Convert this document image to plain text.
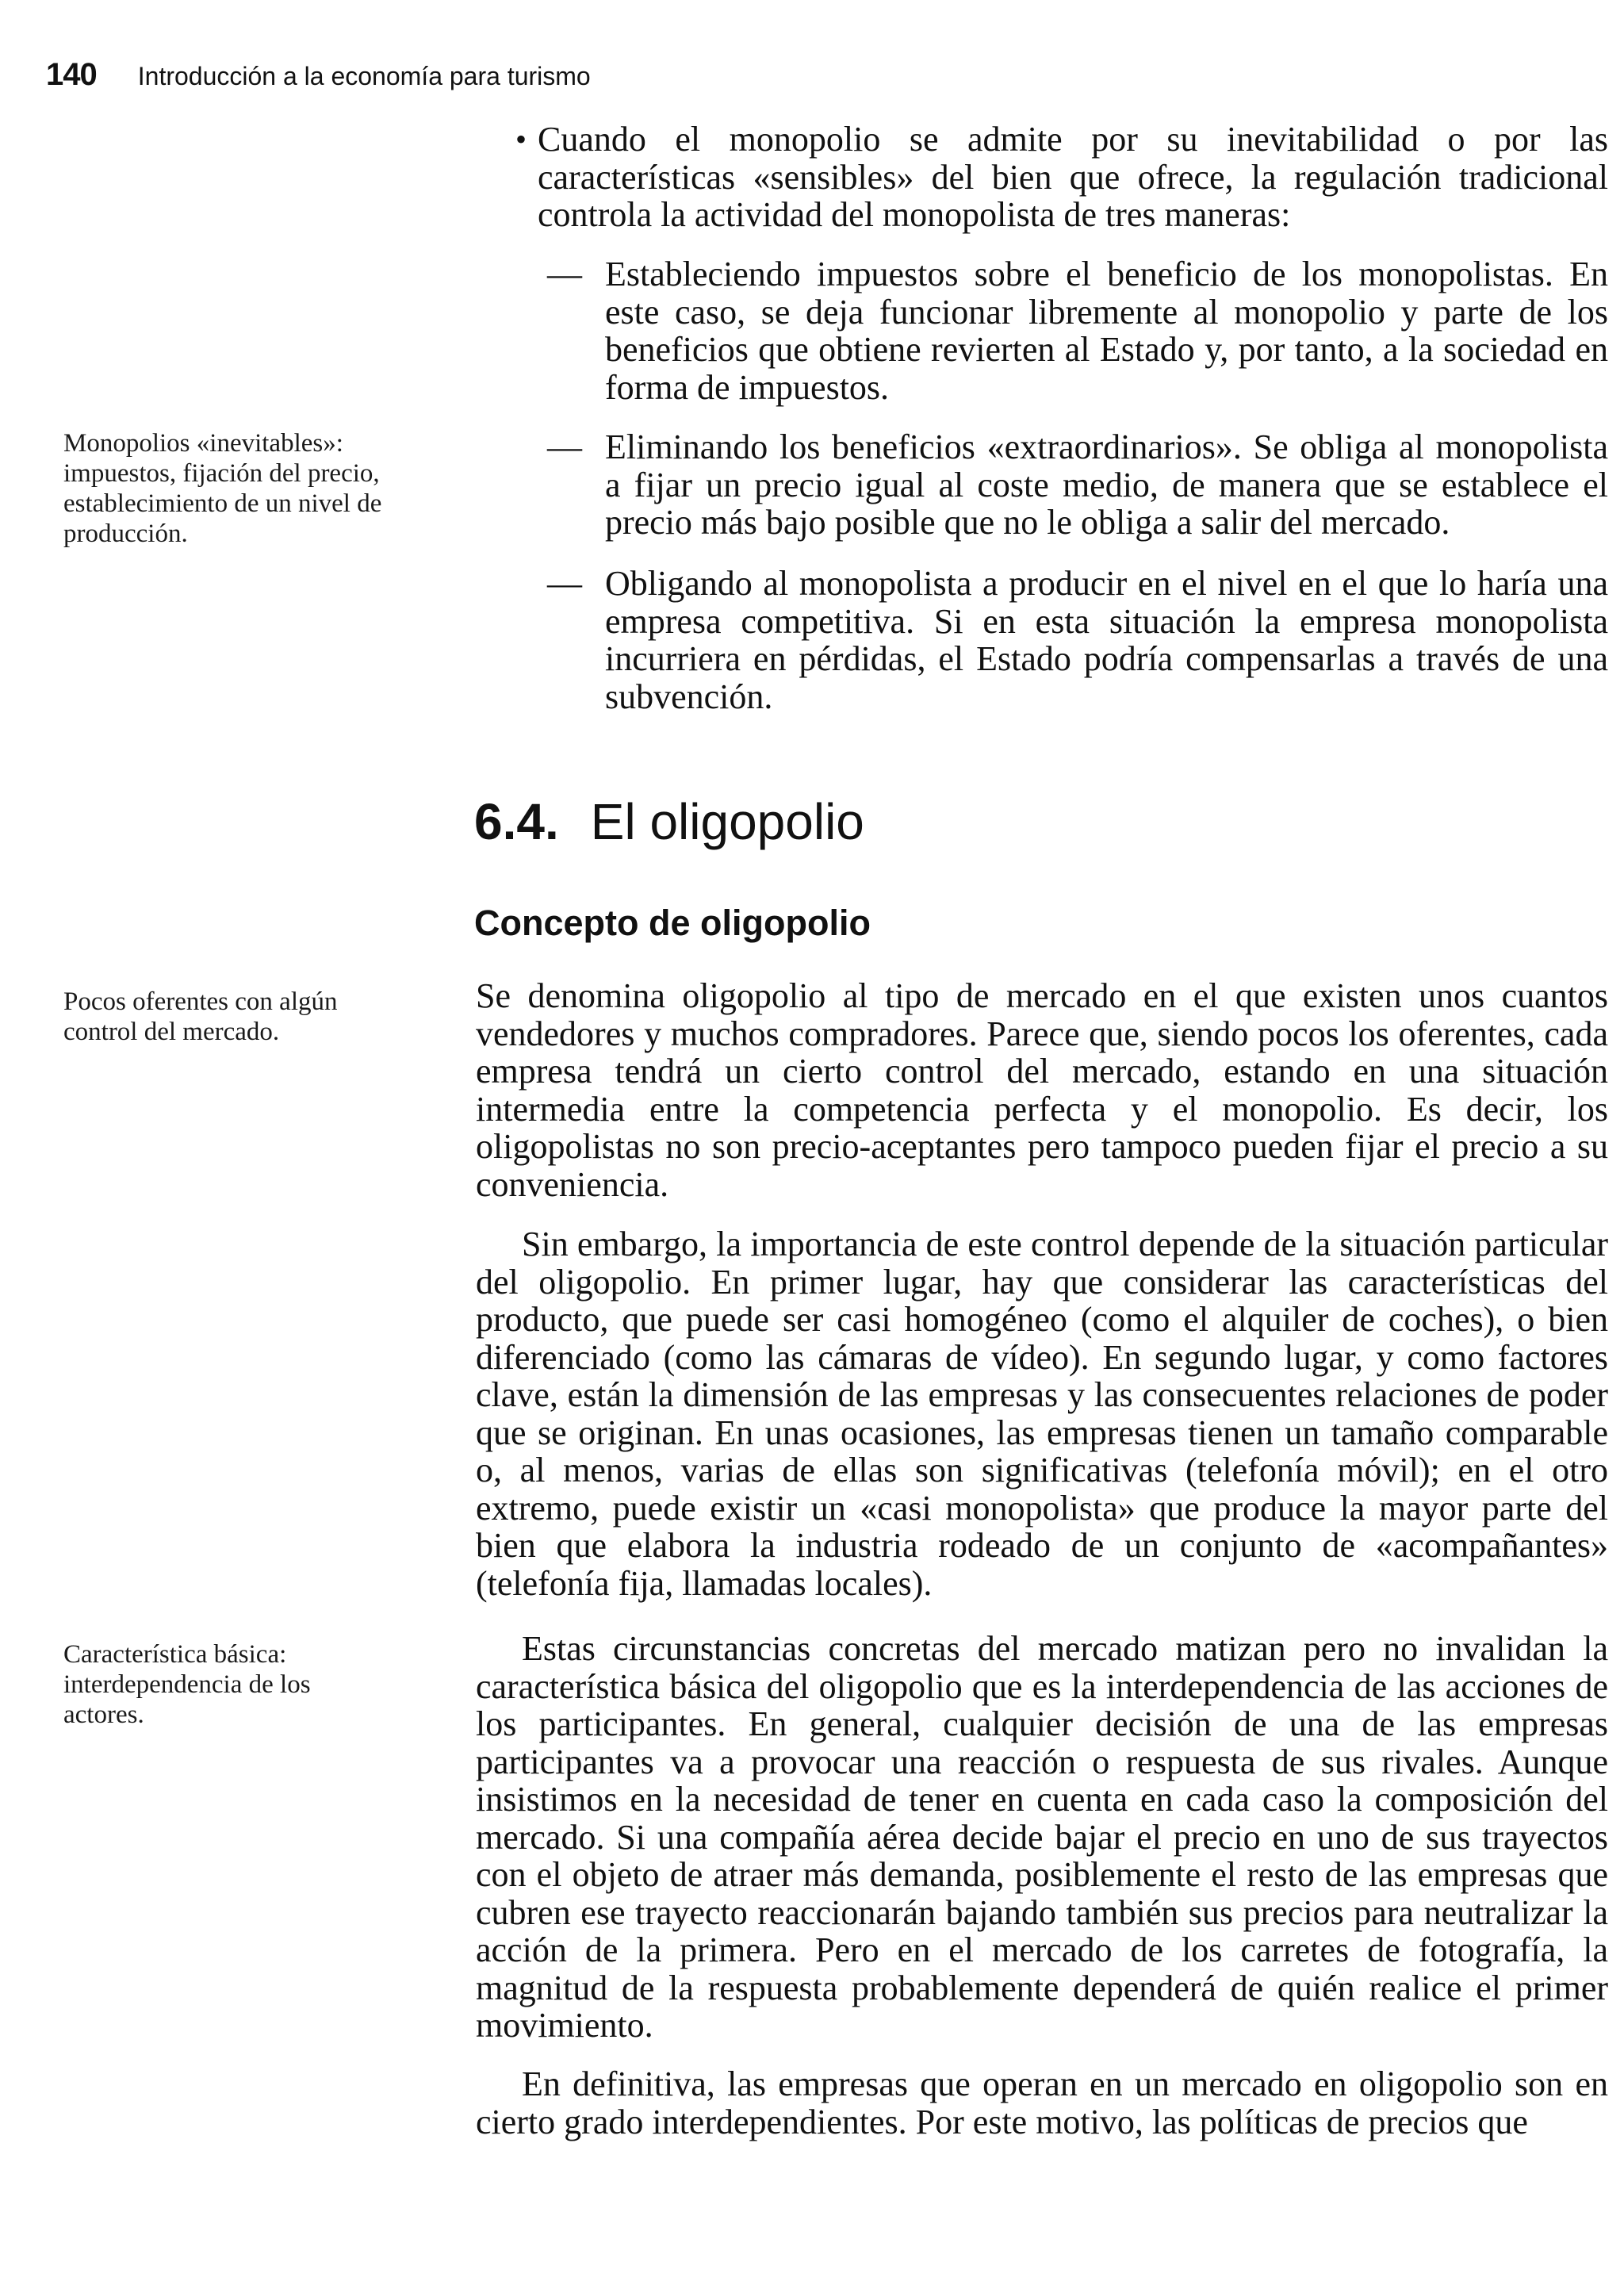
140 Introducción a la economía para turismo
Monopolios «inevitables»: impuestos, fijación del precio, establecimiento de un nivel de producción.
Pocos oferentes con algún control del mercado.
Característica básica: interdependencia de los actores.
• Cuando el monopolio se admite por su inevitabilidad o por las características «sensibles» del bien que ofrece, la regulación tradicional controla la actividad del monopolista de tres maneras:

— Estableciendo impuestos sobre el beneficio de los monopolistas. En este caso, se deja funcionar libremente al monopolio y parte de los beneficios que obtiene revierten al Estado y, por tanto, a la sociedad en forma de impuestos.
— Eliminando los beneficios «extraordinarios». Se obliga al monopolista a fijar un precio igual al coste medio, de manera que se establece el precio más bajo posible que no le obliga a salir del mercado.
— Obligando al monopolista a producir en el nivel en el que lo haría una empresa competitiva. Si en esta situación la empresa monopolista incurriera en pérdidas, el Estado podría compensarlas a través de una subvención.
6.4. El oligopolio
Concepto de oligopolio

Se denomina oligopolio al tipo de mercado en el que existen unos cuantos vendedores y muchos compradores. Parece que, siendo pocos los oferentes, cada empresa tendrá un cierto control del mercado, estando en una situación intermedia entre la competencia perfecta y el monopolio. Es decir, los oligopolistas no son precio-aceptantes pero tampoco pueden fijar el precio a su conveniencia.

Sin embargo, la importancia de este control depende de la situación particular del oligopolio. En primer lugar, hay que considerar las características del producto, que puede ser casi homogéneo (como el alquiler de coches), o bien diferenciado (como las cámaras de vídeo). En segundo lugar, y como factores clave, están la dimensión de las empresas y las consecuentes relaciones de poder que se originan. En unas ocasiones, las empresas tienen un tamaño comparable o, al menos, varias de ellas son significativas (telefonía móvil); en el otro extremo, puede existir un «casi monopolista» que produce la mayor parte del bien que elabora la industria rodeado de un conjunto de «acompañantes» (telefonía fija, llamadas locales).

Estas circunstancias concretas del mercado matizan pero no invalidan la característica básica del oligopolio que es la interdependencia de las acciones de los participantes. En general, cualquier decisión de una de las empresas participantes va a provocar una reacción o respuesta de sus rivales. Aunque insistimos en la necesidad de tener en cuenta en cada caso la composición del mercado. Si una compañía aérea decide bajar el precio en uno de sus trayectos con el objeto de atraer más demanda, posiblemente el resto de las empresas que cubren ese trayecto reaccionarán bajando también sus precios para neutralizar la acción de la primera. Pero en el mercado de los carretes de fotografía, la magnitud de la respuesta probablemente dependerá de quién realice el primer movimiento.

En definitiva, las empresas que operan en un mercado en oligopolio son en cierto grado interdependientes. Por este motivo, las políticas de precios que
